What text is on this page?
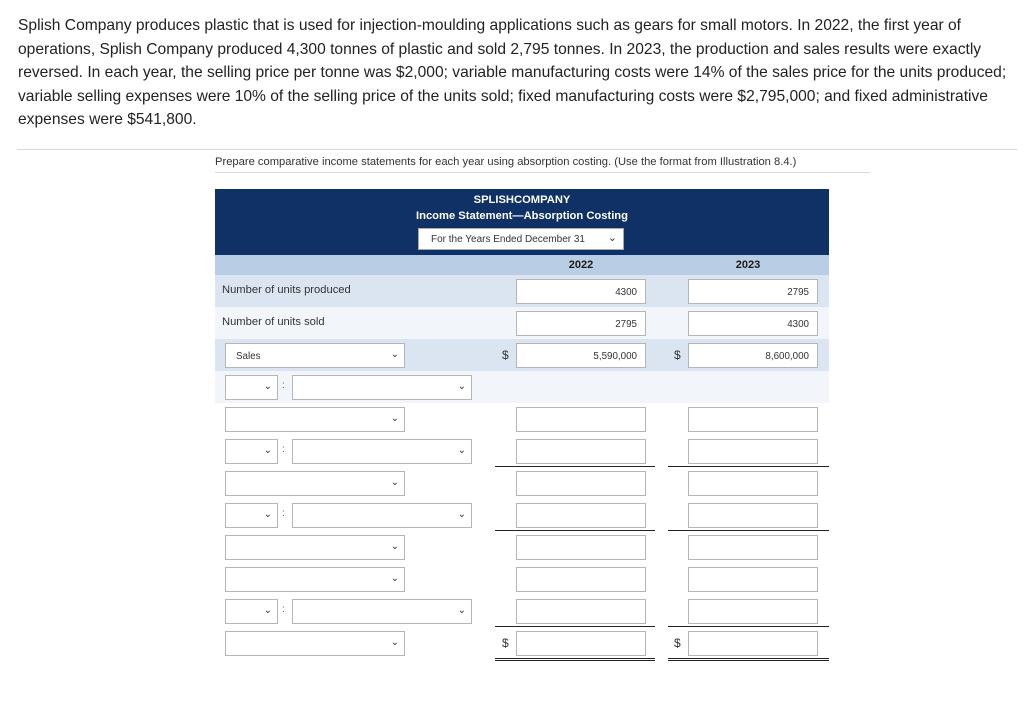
Splish Company produces plastic that is used for injection-moulding applications such as gears for small motors. In 2022, the first year of operations, Splish Company produced 4,300 tonnes of plastic and sold 2,795 tonnes. In 2023, the production and sales results were exactly reversed. In each year, the selling price per tonne was $2,000; variable manufacturing costs were 14% of the sales price for the units produced; variable selling expenses were 10% of the selling price of the units sold; fixed manufacturing costs were $2,795,000; and fixed administrative expenses were $541,800.
Prepare comparative income statements for each year using absorption costing. (Use the format from Illustration 8.4.)
SPLISHCOMPANY
Income Statement—Absorption Costing
For the Years Ended December 31 ⌄
2022	2023
Number of units produced	4300	2795
Number of units sold	2795	4300
Sales	⌄	$	5,590,000	$	8,600,000
⌄ :	⌄
⌄
⌄ :	⌄
⌄
⌄ :	⌄
⌄
⌄
⌄ :	⌄
⌄	$	$
